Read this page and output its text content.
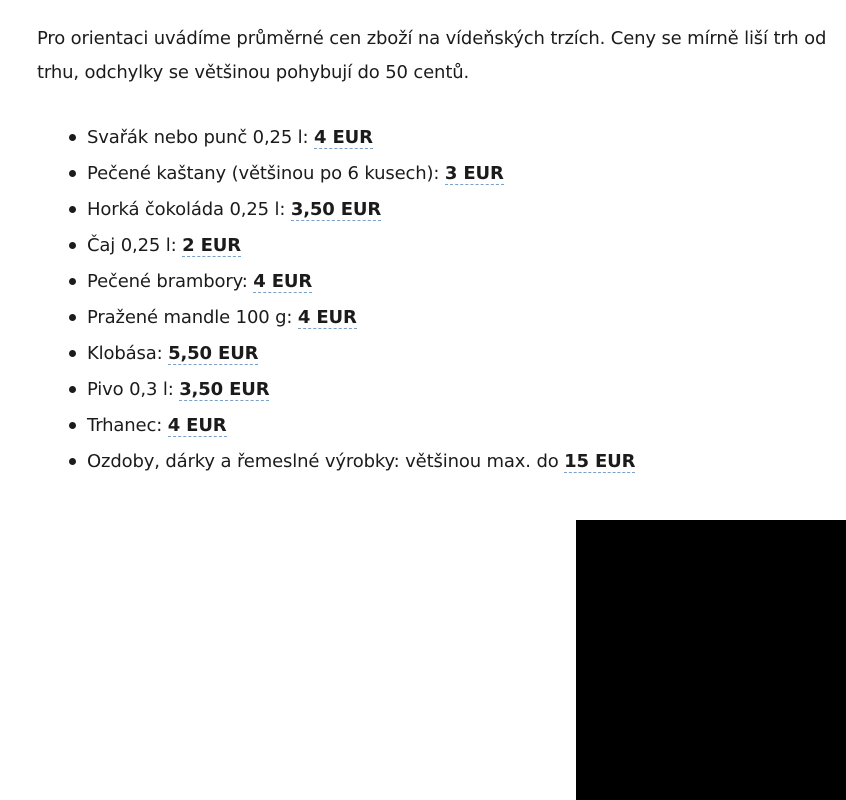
Pro orientaci uvádíme průměrné cen zboží na vídeňských trzích. Ceny se mírně liší trh od trhu, odchylky se většinou pohybují do 50 centů.

Svařák nebo punč 0,25 l: 4 EUR
Pečené kaštany (většinou po 6 kusech): 3 EUR
Horká čokoláda 0,25 l: 3,50 EUR
Čaj 0,25 l: 2 EUR
Pečené brambory: 4 EUR
Pražené mandle 100 g: 4 EUR
Klobása: 5,50 EUR
Pivo 0,3 l: 3,50 EUR
Trhanec: 4 EUR
Ozdoby, dárky a řemeslné výrobky: většinou max. do 15 EUR
